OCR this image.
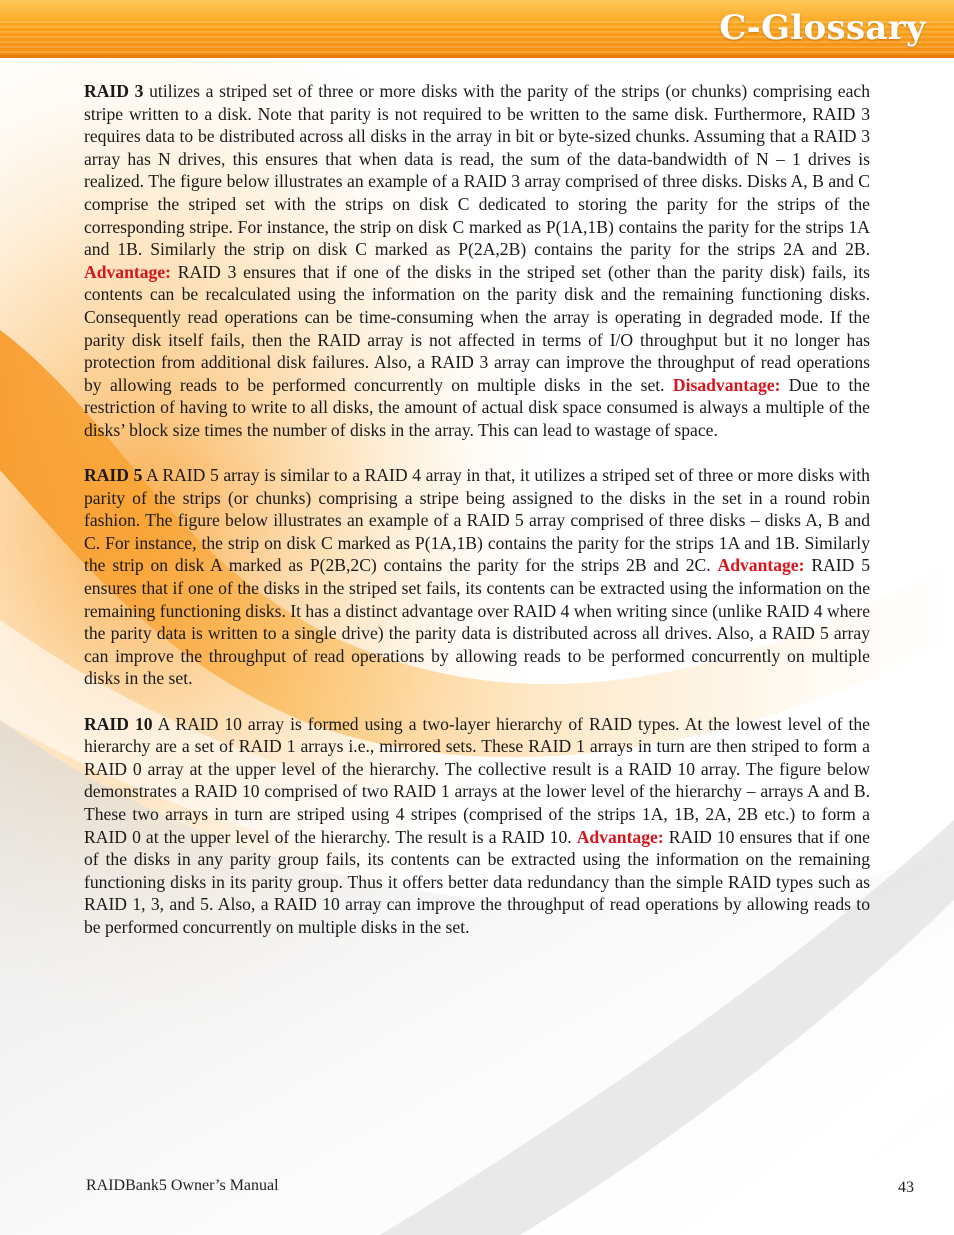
C-Glossary

RAID 3 utilizes a striped set of three or more disks with the parity of the strips (or chunks) comprising each stripe written to a disk. Note that parity is not required to be written to the same disk. Furthermore, RAID 3 requires data to be distributed across all disks in the array in bit or byte-sized chunks. Assuming that a RAID 3 array has N drives, this ensures that when data is read, the sum of the data-bandwidth of N – 1 drives is realized. The figure below illustrates an example of a RAID 3 array comprised of three disks. Disks A, B and C comprise the striped set with the strips on disk C dedicated to storing the parity for the strips of the corresponding stripe. For instance, the strip on disk C marked as P(1A,1B) contains the parity for the strips 1A and 1B. Similarly the strip on disk C marked as P(2A,2B) contains the parity for the strips 2A and 2B. Advantage: RAID 3 ensures that if one of the disks in the striped set (other than the parity disk) fails, its contents can be recalculated using the information on the parity disk and the remaining functioning disks. Consequently read operations can be time-consuming when the array is operating in degraded mode. If the parity disk itself fails, then the RAID array is not affected in terms of I/O throughput but it no longer has protection from additional disk failures. Also, a RAID 3 array can improve the throughput of read operations by allowing reads to be performed concurrently on multiple disks in the set. Disadvantage: Due to the restriction of having to write to all disks, the amount of actual disk space consumed is always a multiple of the disks’ block size times the number of disks in the array. This can lead to wastage of space.

RAID 5 A RAID 5 array is similar to a RAID 4 array in that, it utilizes a striped set of three or more disks with parity of the strips (or chunks) comprising a stripe being assigned to the disks in the set in a round robin fashion. The figure below illustrates an example of a RAID 5 array comprised of three disks – disks A, B and C. For instance, the strip on disk C marked as P(1A,1B) contains the parity for the strips 1A and 1B. Similarly the strip on disk A marked as P(2B,2C) contains the parity for the strips 2B and 2C. Advantage: RAID 5 ensures that if one of the disks in the striped set fails, its contents can be extracted using the information on the remaining functioning disks. It has a distinct advantage over RAID 4 when writing since (unlike RAID 4 where the parity data is written to a single drive) the parity data is distributed across all drives. Also, a RAID 5 array can improve the throughput of read operations by allowing reads to be performed concurrently on multiple disks in the set.

RAID 10 A RAID 10 array is formed using a two-layer hierarchy of RAID types. At the lowest level of the hierarchy are a set of RAID 1 arrays i.e., mirrored sets. These RAID 1 arrays in turn are then striped to form a RAID 0 array at the upper level of the hierarchy. The collective result is a RAID 10 array. The figure below demonstrates a RAID 10 comprised of two RAID 1 arrays at the lower level of the hierarchy – arrays A and B. These two arrays in turn are striped using 4 stripes (comprised of the strips 1A, 1B, 2A, 2B etc.) to form a RAID 0 at the upper level of the hierarchy. The result is a RAID 10. Advantage: RAID 10 ensures that if one of the disks in any parity group fails, its contents can be extracted using the information on the remaining functioning disks in its parity group. Thus it offers better data redundancy than the simple RAID types such as RAID 1, 3, and 5. Also, a RAID 10 array can improve the throughput of read operations by allowing reads to be performed concurrently on multiple disks in the set.

RAIDBank5 Owner’s Manual	43
